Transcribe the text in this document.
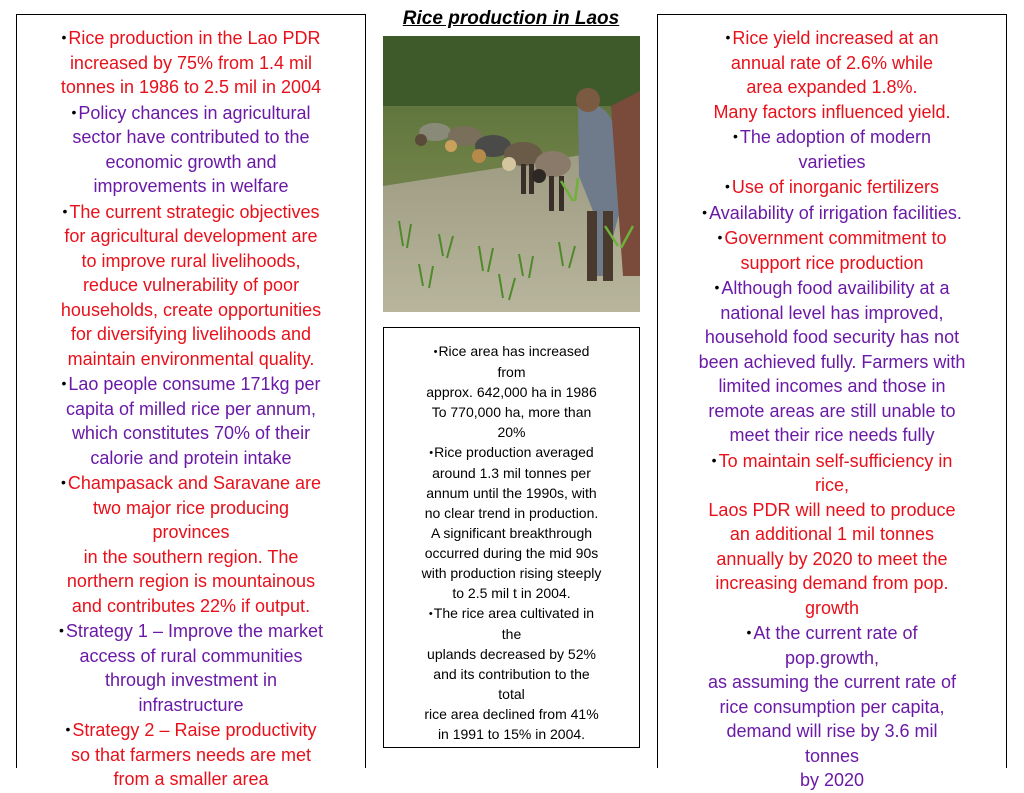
Rice production in Laos
• Rice production in the Lao PDR
increased by 75% from 1.4 mil
tonnes in 1986 to 2.5 mil in 2004
• Policy chances in agricultural
sector have contributed to the
economic growth and
improvements in welfare
• The current strategic objectives
for agricultural development are
to improve rural livelihoods,
reduce vulnerability of poor
households, create opportunities
for diversifying livelihoods and
maintain environmental quality.
• Lao people consume 171kg per
capita of milled rice per annum,
which constitutes 70% of their
calorie and protein intake
• Champasack and Saravane are
two major rice producing
provinces
in the southern region. The
northern region is mountainous
and contributes 22% if output.
• Strategy 1 – Improve the market
access of rural communities
through investment in
infrastructure
• Strategy 2 – Raise productivity
so that farmers needs are met
from a smaller area
•Rice area has increased
from
approx. 642,000 ha in 1986
To 770,000 ha, more than
20%
•Rice production averaged
around 1.3 mil tonnes per
annum until the 1990s, with
no clear trend in production.
A significant breakthrough
occurred during the mid 90s
with production rising steeply
to 2.5 mil t in 2004.
•The rice area cultivated in
the
uplands decreased by 52%
and its contribution to the
total
rice area declined from 41%
in 1991 to 15% in 2004.
• Rice yield increased at an
annual rate of 2.6% while
area expanded 1.8%.
Many factors influenced yield.
• The adoption of modern
varieties
• Use of inorganic fertilizers
• Availability of irrigation facilities.
• Government commitment to
support rice production
• Although food availibility at a
national level has improved,
household food security has not
been achieved fully. Farmers with
limited incomes and those in
remote areas are still unable to
meet their rice needs fully
• To maintain self-sufficiency in
rice,
Laos PDR will need to produce
an additional 1 mil tonnes
annually by 2020 to meet the
increasing demand from pop.
growth
• At the current rate of
pop.growth,
as assuming the current rate of
rice consumption per capita,
demand will rise by 3.6 mil
tonnes
by 2020
